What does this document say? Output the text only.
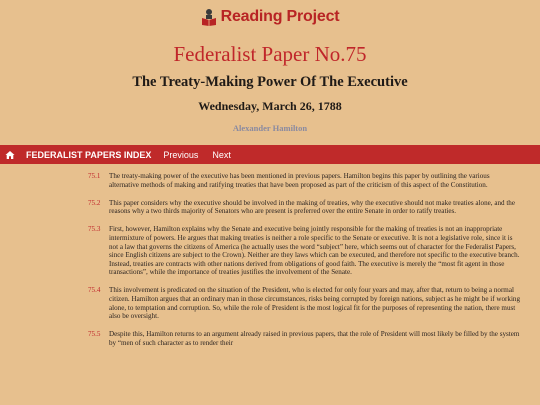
Reading Project
Federalist Paper No.75
The Treaty-Making Power Of The Executive
Wednesday, March 26, 1788
Alexander Hamilton
FEDERALIST PAPERS INDEX Previous Next
75.1	The treaty-making power of the executive has been mentioned in previous papers. Hamilton begins this paper by outlining the various alternative methods of making and ratifying treaties that have been proposed as part of the criticism of this aspect of the Constitution.
75.2	This paper considers why the executive should be involved in the making of treaties, why the executive should not make treaties alone, and the reasons why a two thirds majority of Senators who are present is preferred over the entire Senate in order to ratify treaties.
75.3	First, however, Hamilton explains why the Senate and executive being jointly responsible for the making of treaties is not an inappropriate intermixture of powers. He argues that making treaties is neither a role specific to the Senate or executive. It is not a legislative role, since it is not a law that governs the citizens of America (he actually uses the word “subject” here, which seems out of character for the Federalist Papers, since English citizens are subject to the Crown). Neither are they laws which can be executed, and therefore not specific to the executive branch. Instead, treaties are contracts with other nations derived from obligations of good faith. The executive is merely the “most fit agent in those transactions”, while the importance of treaties justifies the involvement of the Senate.
75.4	This involvement is predicated on the situation of the President, who is elected for only four years and may, after that, return to being a normal citizen. Hamilton argues that an ordinary man in those circumstances, risks being corrupted by foreign nations, subject as he might be if working alone, to temptation and corruption. So, while the role of President is the most logical fit for the purposes of representing the nation, there must also be oversight.
75.5	Despite this, Hamilton returns to an argument already raised in previous papers, that the role of President will most likely be filled by the system by “men of such character as to render their
